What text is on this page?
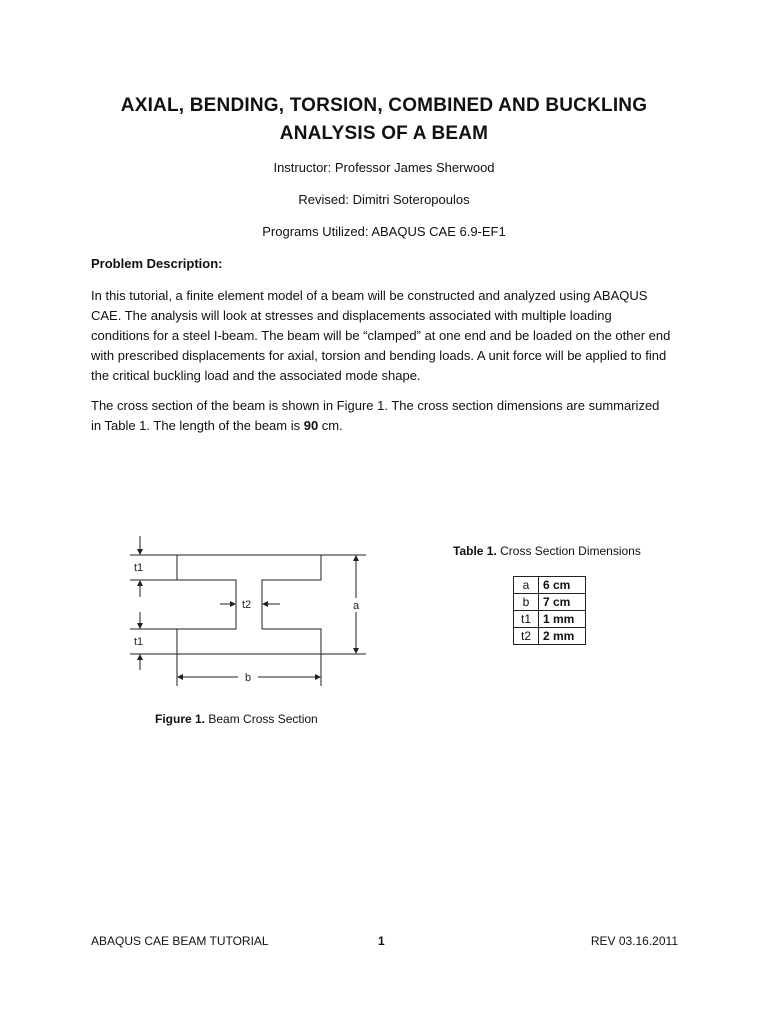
AXIAL, BENDING, TORSION, COMBINED AND BUCKLING ANALYSIS OF A BEAM
Instructor: Professor James Sherwood
Revised: Dimitri Soteropoulos
Programs Utilized: ABAQUS CAE 6.9-EF1
Problem Description:
In this tutorial, a finite element model of a beam will be constructed and analyzed using ABAQUS CAE. The analysis will look at stresses and displacements associated with multiple loading conditions for a steel I-beam. The beam will be “clamped” at one end and be loaded on the other end with prescribed displacements for axial, torsion and bending loads. A unit force will be applied to find the critical buckling load and the associated mode shape.
The cross section of the beam is shown in Figure 1. The cross section dimensions are summarized in Table 1. The length of the beam is 90 cm.
t1
t2
t1
a
b
Figure 1. Beam Cross Section
Table 1. Cross Section Dimensions
a	6 cm
b	7 cm
t1	1 mm
t2	2 mm
ABAQUS CAE BEAM TUTORIAL	1	REV 03.16.2011
